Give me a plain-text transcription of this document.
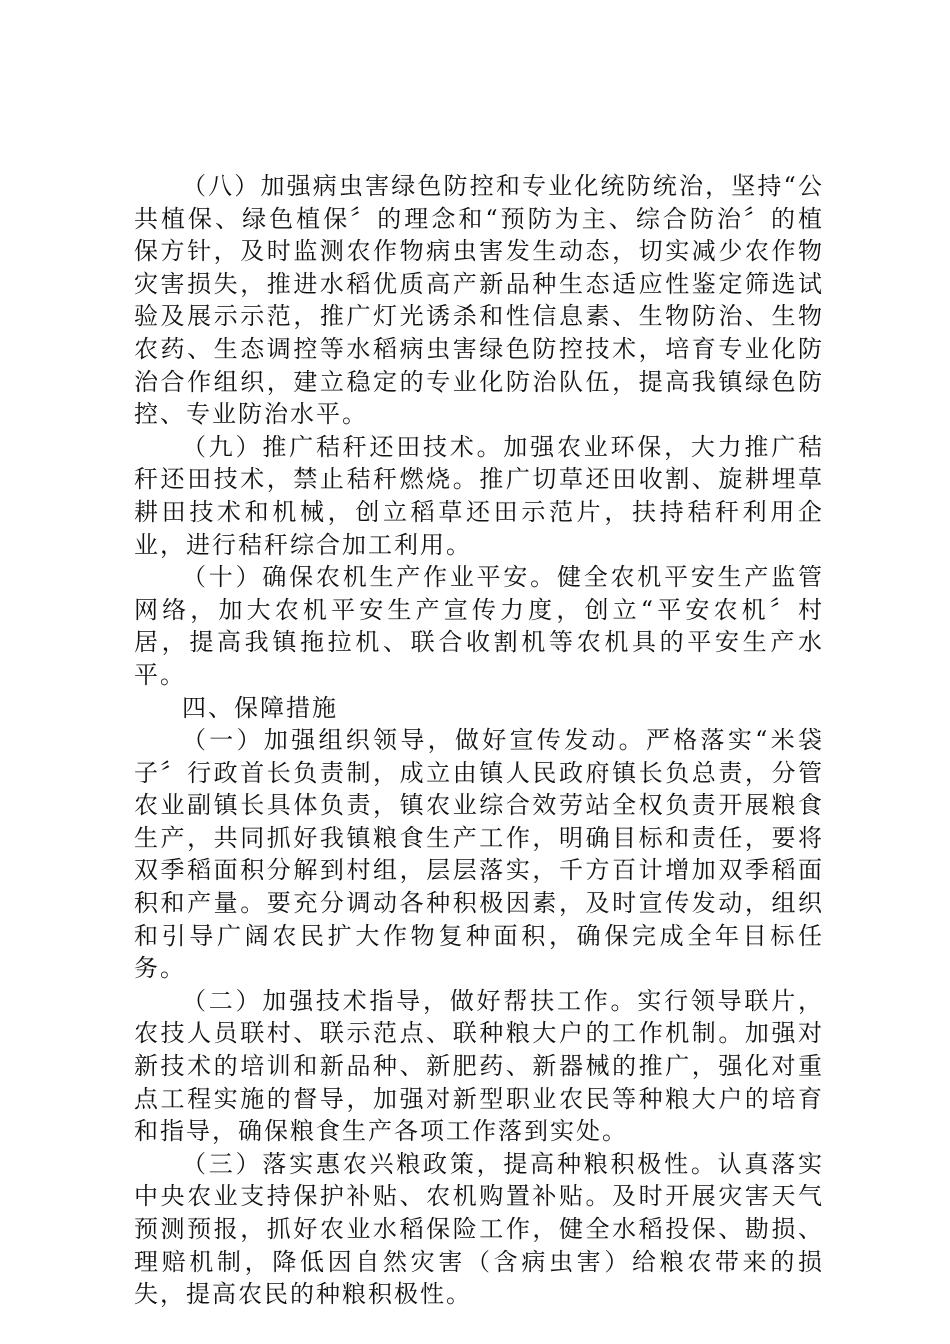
（八）加强病虫害绿色防控和专业化统防统治，坚持“公共植保、绿色植保〞的理念和“预防为主、综合防治〞的植保方针，及时监测农作物病虫害发生动态，切实减少农作物灾害损失，推进水稻优质高产新品种生态适应性鉴定筛选试验及展示示范，推广灯光诱杀和性信息素、生物防治、生物农药、生态调控等水稻病虫害绿色防控技术，培育专业化防治合作组织，建立稳定的专业化防治队伍，提高我镇绿色防控、专业防治水平。

（九）推广秸秆还田技术。加强农业环保，大力推广秸秆还田技术，禁止秸秆燃烧。推广切草还田收割、旋耕埋草耕田技术和机械，创立稻草还田示范片，扶持秸秆利用企业，进行秸秆综合加工利用。

（十）确保农机生产作业平安。健全农机平安生产监管网络，加大农机平安生产宣传力度，创立“平安农机〞村居，提高我镇拖拉机、联合收割机等农机具的平安生产水平。

四、保障措施

（一）加强组织领导，做好宣传发动。严格落实“米袋子〞行政首长负责制，成立由镇人民政府镇长负总责，分管农业副镇长具体负责，镇农业综合效劳站全权负责开展粮食生产，共同抓好我镇粮食生产工作，明确目标和责任，要将双季稻面积分解到村组，层层落实，千方百计增加双季稻面积和产量。要充分调动各种积极因素，及时宣传发动，组织和引导广阔农民扩大作物复种面积，确保完成全年目标任务。

（二）加强技术指导，做好帮扶工作。实行领导联片，农技人员联村、联示范点、联种粮大户的工作机制。加强对新技术的培训和新品种、新肥药、新器械的推广，强化对重点工程实施的督导，加强对新型职业农民等种粮大户的培育和指导，确保粮食生产各项工作落到实处。

（三）落实惠农兴粮政策，提高种粮积极性。认真落实中央农业支持保护补贴、农机购置补贴。及时开展灾害天气预测预报，抓好农业水稻保险工作，健全水稻投保、勘损、理赔机制，降低因自然灾害（含病虫害）给粮农带来的损失，提高农民的种粮积极性。
